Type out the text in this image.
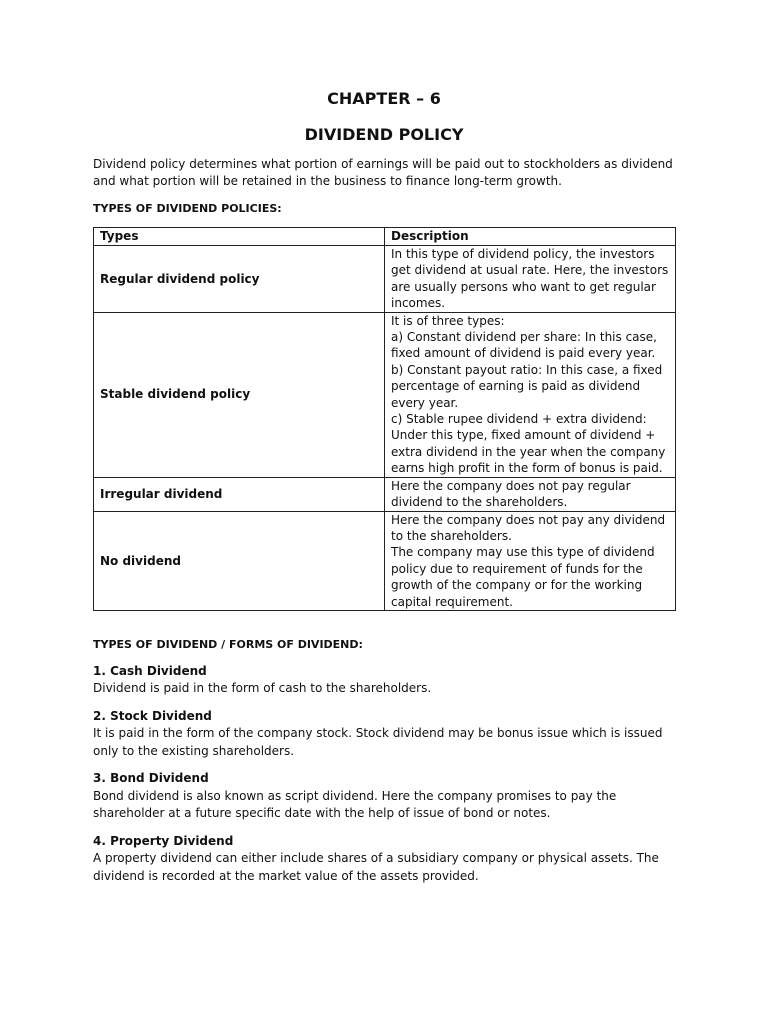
CHAPTER – 6
DIVIDEND POLICY

Dividend policy determines what portion of earnings will be paid out to stockholders as dividend and what portion will be retained in the business to finance long-term growth.

TYPES OF DIVIDEND POLICIES:

Types	Description
Regular dividend policy	In this type of dividend policy, the investors get dividend at usual rate. Here, the investors are usually persons who want to get regular incomes.

Stable dividend policy	It is of three types:
a) Constant dividend per share: In this case, fixed amount of dividend is paid every year.
b) Constant payout ratio: In this case, a fixed percentage of earning is paid as dividend every year.
c) Stable rupee dividend + extra dividend: Under this type, fixed amount of dividend + extra dividend in the year when the company earns high profit in the form of bonus is paid.

Irregular dividend	Here the company does not pay regular dividend to the shareholders.

No dividend	Here the company does not pay any dividend to the shareholders.
The company may use this type of dividend policy due to requirement of funds for the growth of the company or for the working capital requirement.

TYPES OF DIVIDEND / FORMS OF DIVIDEND:

1. Cash Dividend

Dividend is paid in the form of cash to the shareholders.

2. Stock Dividend

It is paid in the form of the company stock. Stock dividend may be bonus issue which is issued only to the existing shareholders.

3. Bond Dividend

Bond dividend is also known as script dividend. Here the company promises to pay the shareholder at a future specific date with the help of issue of bond or notes.

4. Property Dividend

A property dividend can either include shares of a subsidiary company or physical assets. The dividend is recorded at the market value of the assets provided.
